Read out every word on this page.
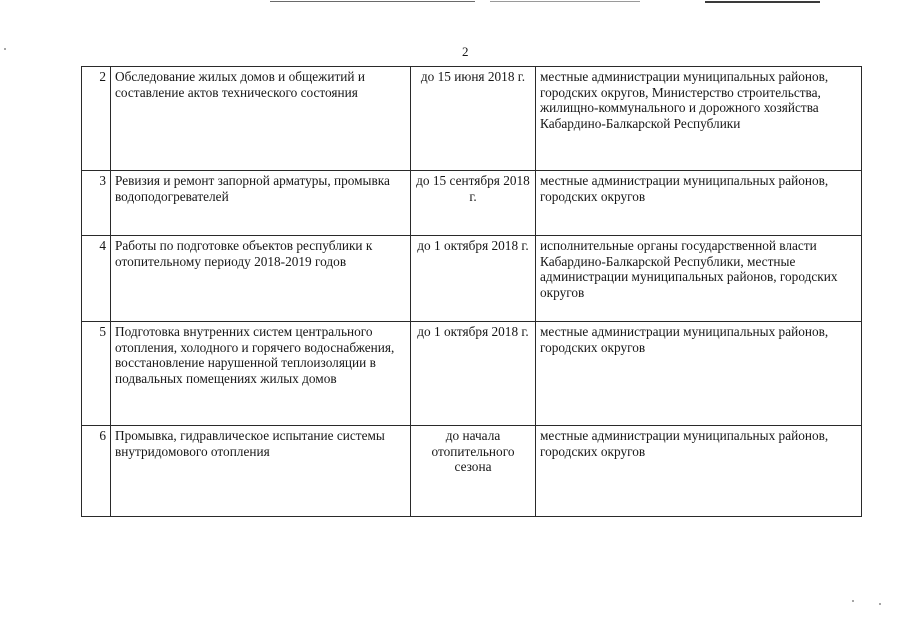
2
2	Обследование жилых домов и общежитий и составление актов технического состояния	до 15 июня 2018 г.	местные администрации муниципальных районов, городских округов, Министерство строительства, жилищно-коммунального и дорожного хозяйства Кабардино-Балкарской Республики
3	Ревизия и ремонт запорной арматуры, промывка водоподогревателей	до 15 сентября 2018 г.	местные администрации муниципальных районов, городских округов
4	Работы по подготовке объектов республики к отопительному периоду 2018-2019 годов	до 1 октября 2018 г.	исполнительные органы государственной власти Кабардино-Балкарской Республики, местные администрации муниципальных районов, городских округов
5	Подготовка внутренних систем центрального отопления, холодного и горячего водоснабжения, восстановление нарушенной теплоизоляции в подвальных помещениях жилых домов	до 1 октября 2018 г.	местные администрации муниципальных районов, городских округов
6	Промывка, гидравлическое испытание системы внутридомового отопления	до начала отопительного сезона	местные администрации муниципальных районов, городских округов
